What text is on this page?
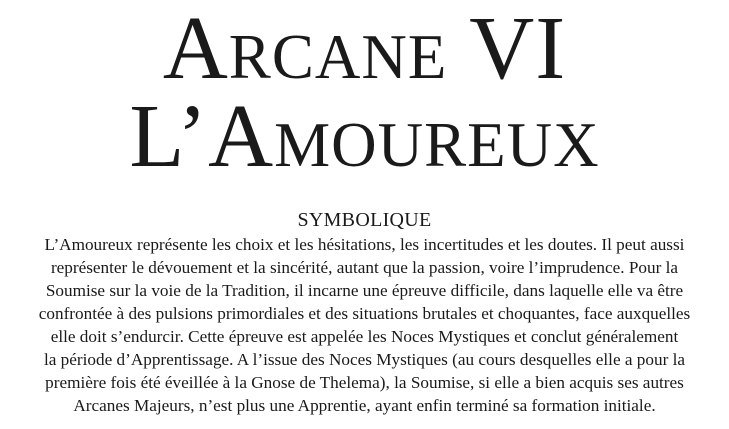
Arcane VI
L’Amoureux
SYMBOLIQUE
L’Amoureux représente les choix et les hésitations, les incertitudes et les doutes. Il peut aussi
représenter le dévouement et la sincérité, autant que la passion, voire l’imprudence. Pour la
Soumise sur la voie de la Tradition, il incarne une épreuve difficile, dans laquelle elle va être
confrontée à des pulsions primordiales et des situations brutales et choquantes, face auxquelles
elle doit s’endurcir. Cette épreuve est appelée les Noces Mystiques et conclut généralement
la période d’Apprentissage. A l’issue des Noces Mystiques (au cours desquelles elle a pour la
première fois été éveillée à la Gnose de Thelema), la Soumise, si elle a bien acquis ses autres
Arcanes Majeurs, n’est plus une Apprentie, ayant enfin terminé sa formation initiale.
